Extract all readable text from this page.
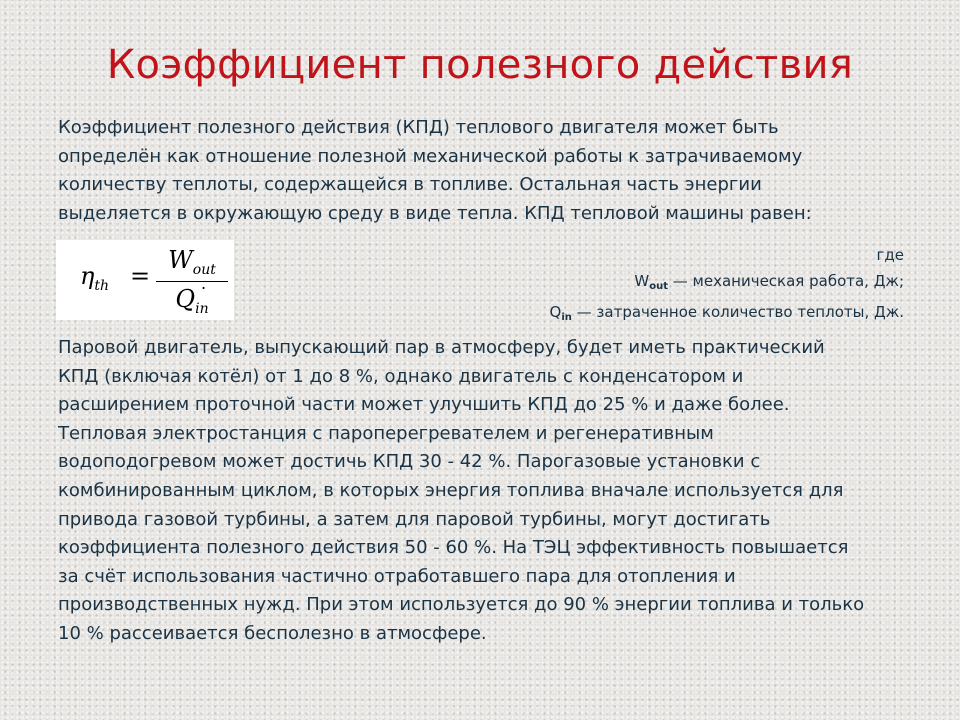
Коэффициент полезного действия
Коэффициент полезного действия (КПД) теплового двигателя может быть
определён как отношение полезной механической работы к затрачиваемому
количеству теплоты, содержащейся в топливе. Остальная часть энергии
выделяется в окружающую среду в виде тепла. КПД тепловой машины равен:
$\eta_{th}$ =
$W_{out}$
$Q_{in}$
.
где
$W_{out}$ — механическая работа, Дж;
$Q_{in}$ — затраченное количество теплоты, Дж.
Паровой двигатель, выпускающий пар в атмосферу, будет иметь практический
КПД (включая котёл) от 1 до 8 %, однако двигатель с конденсатором и
расширением проточной части может улучшить КПД до 25 % и даже более.
Тепловая электростанция с пароперегревателем и регенеративным
водоподогревом может достичь КПД 30 - 42 %. Парогазовые установки с
комбинированным циклом, в которых энергия топлива вначале используется для
привода газовой турбины, а затем для паровой турбины, могут достигать
коэффициента полезного действия 50 - 60 %. На ТЭЦ эффективность повышается
за счёт использования частично отработавшего пара для отопления и
производственных нужд. При этом используется до 90 % энергии топлива и только
10 % рассеивается бесполезно в атмосфере.
